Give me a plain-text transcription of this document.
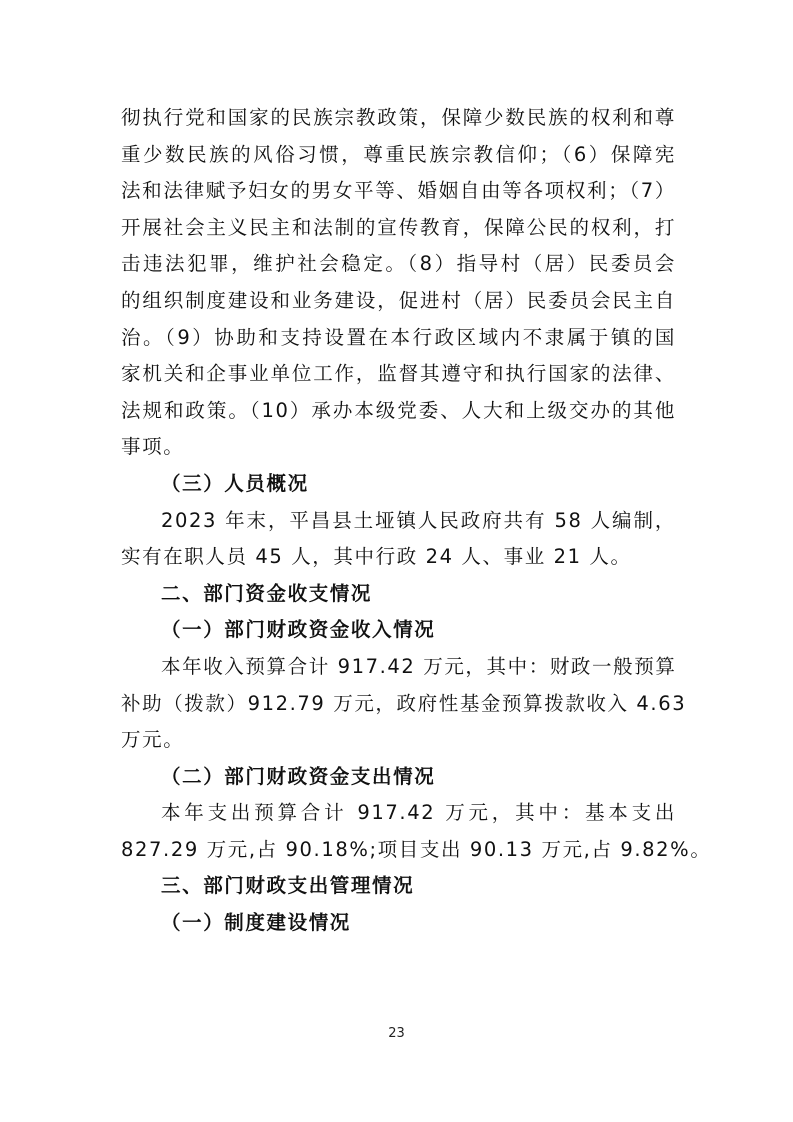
彻执行党和国家的民族宗教政策，保障少数民族的权利和尊
重少数民族的风俗习惯，尊重民族宗教信仰；（6）保障宪
法和法律赋予妇女的男女平等、婚姻自由等各项权利；（7）
开展社会主义民主和法制的宣传教育，保障公民的权利，打
击违法犯罪，维护社会稳定。（8）指导村（居）民委员会
的组织制度建设和业务建设，促进村（居）民委员会民主自
治。（9）协助和支持设置在本行政区域内不隶属于镇的国
家机关和企事业单位工作，监督其遵守和执行国家的法律、
法规和政策。（10）承办本级党委、人大和上级交办的其他
事项。
（三）人员概况
2023 年末，平昌县土垭镇人民政府共有 58 人编制，
实有在职人员 45 人，其中行政 24 人、事业 21 人。
二、部门资金收支情况
（一）部门财政资金收入情况
本年收入预算合计 917.42 万元，其中：财政一般预算
补助（拨款）912.79 万元，政府性基金预算拨款收入 4.63
万元。
（二）部门财政资金支出情况
本年支出预算合计 917.42 万元，其中：基本支出
827.29 万元,占 90.18%;项目支出 90.13 万元,占 9.82%。
三、部门财政支出管理情况
（一）制度建设情况
23
